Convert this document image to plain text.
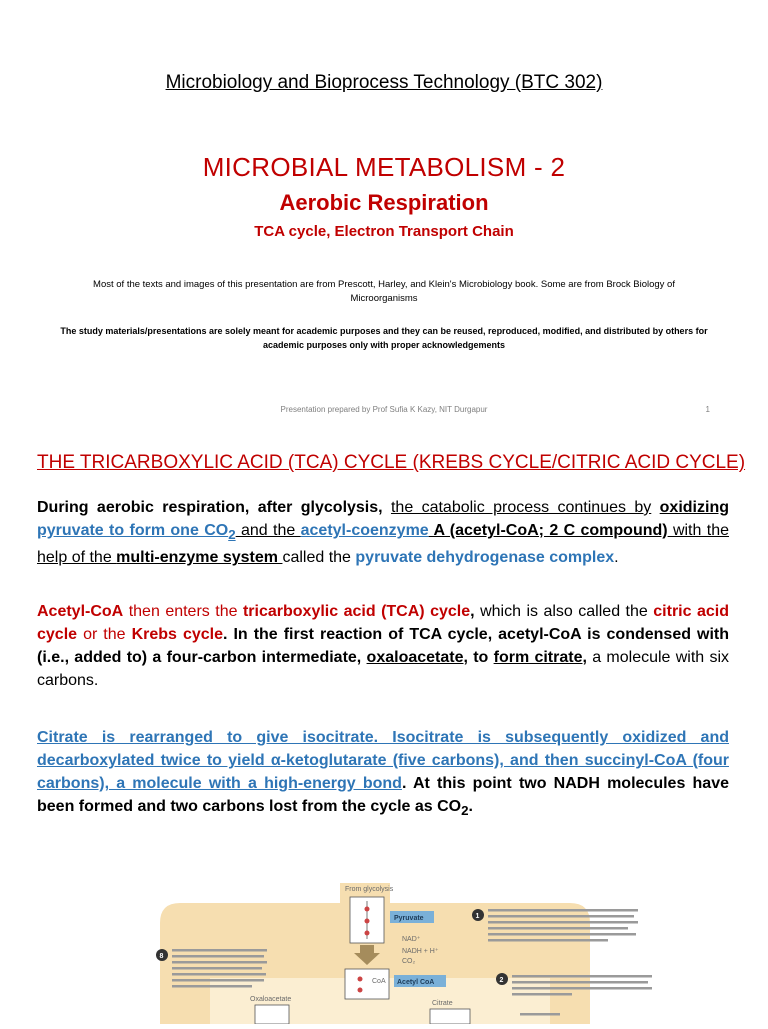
Microbiology and Bioprocess Technology (BTC 302)
MICROBIAL METABOLISM - 2
Aerobic Respiration
TCA cycle, Electron Transport Chain
Most of the texts and images of this presentation are from Prescott, Harley, and Klein's Microbiology book. Some are from Brock Biology of Microorganisms
The study materials/presentations are solely meant for academic purposes and they can be reused, reproduced, modified, and distributed by others for academic purposes only with proper acknowledgements
Presentation prepared by Prof Sufia K Kazy, NIT Durgapur	1
THE TRICARBOXYLIC ACID (TCA) CYCLE (KREBS CYCLE/CITRIC ACID CYCLE)
During aerobic respiration, after glycolysis, the catabolic process continues by oxidizing pyruvate to form one $CO_2$ and the acetyl-coenzyme A (acetyl-CoA; 2 C compound) with the help of the multi-enzyme system called the pyruvate dehydrogenase complex.
Acetyl-CoA then enters the tricarboxylic acid (TCA) cycle, which is also called the citric acid cycle or the Krebs cycle. In the first reaction of TCA cycle, acetyl-CoA is condensed with (i.e., added to) a four-carbon intermediate, oxaloacetate, to form citrate, a molecule with six carbons.
Citrate is rearranged to give isocitrate. Isocitrate is subsequently oxidized and decarboxylated twice to yield α-ketoglutarate (five carbons), and then succinyl-CoA (four carbons), a molecule with a high-energy bond. At this point two NADH molecules have been formed and two carbons lost from the cycle as $CO_2$.
From glycolysis
Pyruvate
NAD⁺
NADH + H⁺
CO₂
CoA Acetyl CoA
Oxaloacetate
Citrate
1
2
8
